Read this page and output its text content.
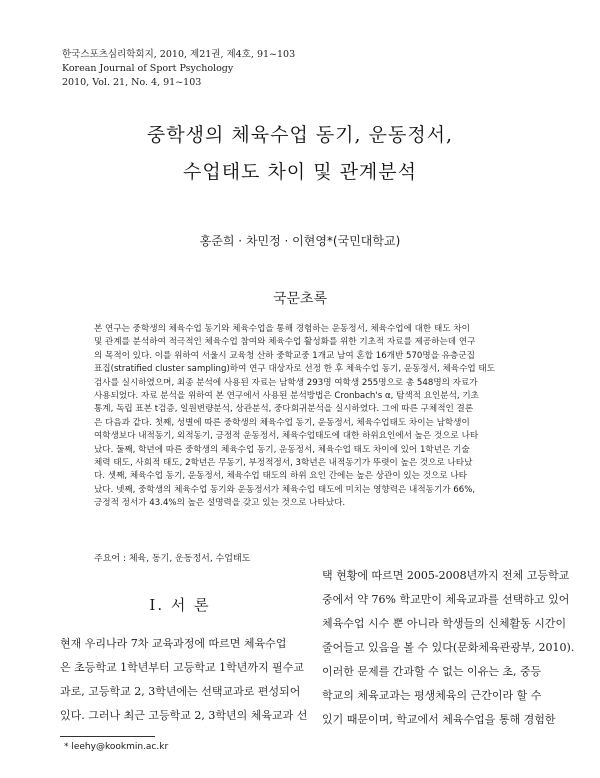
한국스포츠심리학회지, 2010, 제21권, 제4호, 91~103
Korean Journal of Sport Psychology
2010, Vol. 21, No. 4, 91~103
중학생의 체육수업 동기, 운동정서,
수업태도 차이 및 관계분석
홍준희 · 차민정 · 이현영*(국민대학교)
국문초록
본 연구는 중학생의 체육수업 동기와 체육수업을 통해 경험하는 운동정서, 체육수업에 대한 태도 차이
및 관계를 분석하여 적극적인 체육수업 참여와 체육수업 활성화를 위한 기초적 자료를 제공하는데 연구
의 목적이 있다. 이를 위하여 서울시 교육청 산하 중학교중 1개교 남여 혼합 16개반 570명을 유층군집
표집(stratified cluster sampling)하여 연구 대상자로 선정 한 후 체육수업 동기, 운동정서, 체육수업 태도
검사를 실시하였으며, 최종 분석에 사용된 자료는 남학생 293명 여학생 255명으로 총 548명의 자료가
사용되었다. 자료 분석을 위하여 본 연구에서 사용된 분석방법은 Cronbach's α, 탐색적 요인분석, 기초
통계, 독립 표본 t검증, 일원변량분석, 상관분석, 중다회귀분석을 실시하였다. 그에 따른 구체적인 결론
은 다음과 같다. 첫째, 성별에 따른 중학생의 체육수업 동기, 운동정서, 체육수업태도 차이는 남학생이
여학생보다 내적동기, 외적동기, 긍정적 운동정서, 체육수업태도에 대한 하위요인에서 높은 것으로 나타
났다. 둘째, 학년에 따른 중학생의 체육수업 동기, 운동정서, 체육수업 태도 차이에 있어 1학년은 기술
체력 태도, 사회적 태도, 2학년은 무동기, 부정적정서, 3학년은 내적동기가 뚜렷이 높은 것으로 나타났
다. 셋째, 체육수업 동기, 운동정서, 체육수업 태도의 하위 요인 간에는 높은 상관이 있는 것으로 나타
났다. 넷째, 중학생의 체육수업 동기와 운동정서가 체육수업 태도에 미치는 영향력은 내적동기가 66%,
긍정적 정서가 43.4%의 높은 설명력을 갖고 있는 것으로 나타났다.
주요어 : 체육, 동기, 운동정서, 수업태도
Ⅰ. 서 론
현재 우리나라 7차 교육과정에 따르면 체육수업
은 초등학교 1학년부터 고등학교 1학년까지 필수교
과로, 고등학교 2, 3학년에는 선택교과로 편성되어
있다. 그러나 최근 고등학교 2, 3학년의 체육교과 선
택 현황에 따르면 2005-2008년까지 전체 고등학교
중에서 약 76% 학교만이 체육교과를 선택하고 있어
체육수업 시수 뿐 아니라 학생들의 신체활동 시간이
줄어들고 있음을 볼 수 있다(문화체육관광부, 2010).
이러한 문제를 간과할 수 없는 이유는 초, 중등
학교의 체육교과는 평생체육의 근간이라 할 수
있기 때문이며, 학교에서 체육수업을 통해 경험한
* leehy@kookmin.ac.kr
